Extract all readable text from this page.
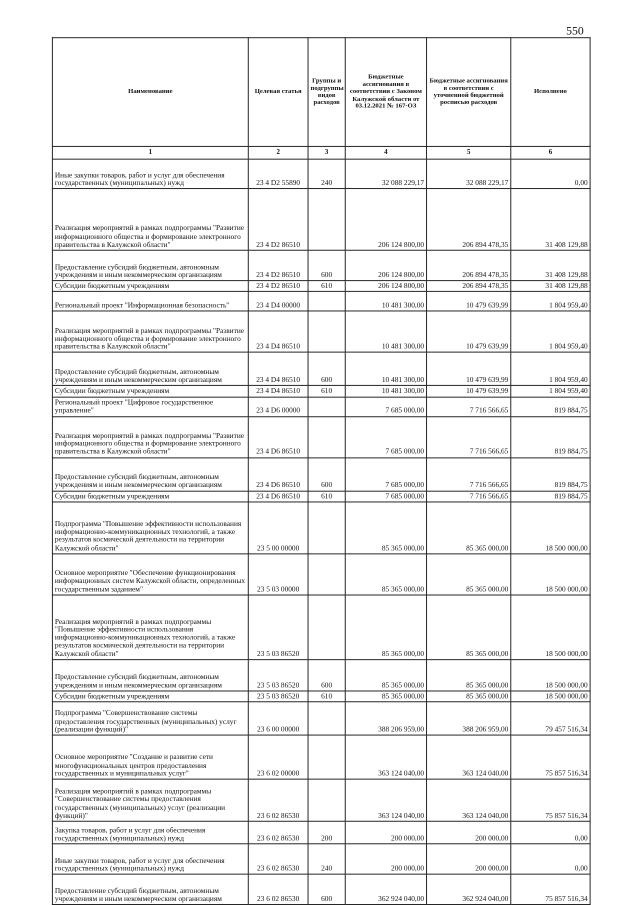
550
Наименование	Целевая статья	Группы и подгруппы видов расходов	Бюджетные ассигнования в соответствии с Законом Калужской области от 03.12.2021 № 167-ОЗ	Бюджетные ассигнования в соответствии с уточненной бюджетной росписью расходов	Исполнено
1	2	3	4	5	6
Иные закупки товаров, работ и услуг для обеспечения государственных (муниципальных) нужд	23 4 D2 55890	240	32 088 229,17	32 088 229,17	0,00
Реализация мероприятий в рамках подпрограммы "Развитие информационного общества и формирование электронного правительства в Калужской области"	23 4 D2 86510		206 124 800,00	206 894 478,35	31 408 129,88
Предоставление субсидий бюджетным, автономным учреждениям и иным некоммерческим организациям	23 4 D2 86510	600	206 124 800,00	206 894 478,35	31 408 129,88
Субсидии бюджетным учреждениям	23 4 D2 86510	610	206 124 800,00	206 894 478,35	31 408 129,88
Региональный проект "Информационная безопасность"	23 4 D4 00000		10 481 300,00	10 479 639,99	1 804 959,40
Реализация мероприятий в рамках подпрограммы "Развитие информационного общества и формирование электронного правительства в Калужской области"	23 4 D4 86510		10 481 300,00	10 479 639,99	1 804 959,40
Предоставление субсидий бюджетным, автономным учреждениям и иным некоммерческим организациям	23 4 D4 86510	600	10 481 300,00	10 479 639,99	1 804 959,40
Субсидии бюджетным учреждениям	23 4 D4 86510	610	10 481 300,00	10 479 639,99	1 804 959,40
Региональный проект "Цифровое государственное управление"	23 4 D6 00000		7 685 000,00	7 716 566,65	819 884,75
Реализация мероприятий в рамках подпрограммы "Развитие информационного общества и формирование электронного правительства в Калужской области"	23 4 D6 86510		7 685 000,00	7 716 566,65	819 884,75
Предоставление субсидий бюджетным, автономным учреждениям и иным некоммерческим организациям	23 4 D6 86510	600	7 685 000,00	7 716 566,65	819 884,75
Субсидии бюджетным учреждениям	23 4 D6 86510	610	7 685 000,00	7 716 566,65	819 884,75
Подпрограмма "Повышение эффективности использования информационно-коммуникационных технологий, а также результатов космической деятельности на территории Калужской области"	23 5 00 00000		85 365 000,00	85 365 000,00	18 500 000,00
Основное мероприятие "Обеспечение функционирования информационных систем Калужской области, определенных государственным заданием"	23 5 03 00000		85 365 000,00	85 365 000,00	18 500 000,00
Реализация мероприятий в рамках подпрограммы "Повышение эффективности использования информационно-коммуникационных технологий, а также результатов космической деятельности на территории Калужской области"	23 5 03 86520		85 365 000,00	85 365 000,00	18 500 000,00
Предоставление субсидий бюджетным, автономным учреждениям и иным некоммерческим организациям	23 5 03 86520	600	85 365 000,00	85 365 000,00	18 500 000,00
Субсидии бюджетным учреждениям	23 5 03 86520	610	85 365 000,00	85 365 000,00	18 500 000,00
Подпрограмма "Совершенствование системы предоставления государственных (муниципальных) услуг (реализации функций)"	23 6 00 00000		388 206 959,00	388 206 959,00	79 457 516,34
Основное мероприятие "Создание и развитие сети многофункциональных центров предоставления государственных и муниципальных услуг"	23 6 02 00000		363 124 040,00	363 124 040,00	75 857 516,34
Реализация мероприятий в рамках подпрограммы "Совершенствование системы предоставления государственных (муниципальных) услуг (реализации функций)"	23 6 02 86530		363 124 040,00	363 124 040,00	75 857 516,34
Закупка товаров, работ и услуг для обеспечения государственных (муниципальных) нужд	23 6 02 86530	200	200 000,00	200 000,00	0,00
Иные закупки товаров, работ и услуг для обеспечения государственных (муниципальных) нужд	23 6 02 86530	240	200 000,00	200 000,00	0,00
Предоставление субсидий бюджетным, автономным учреждениям и иным некоммерческим организациям	23 6 02 86530	600	362 924 040,00	362 924 040,00	75 857 516,34
